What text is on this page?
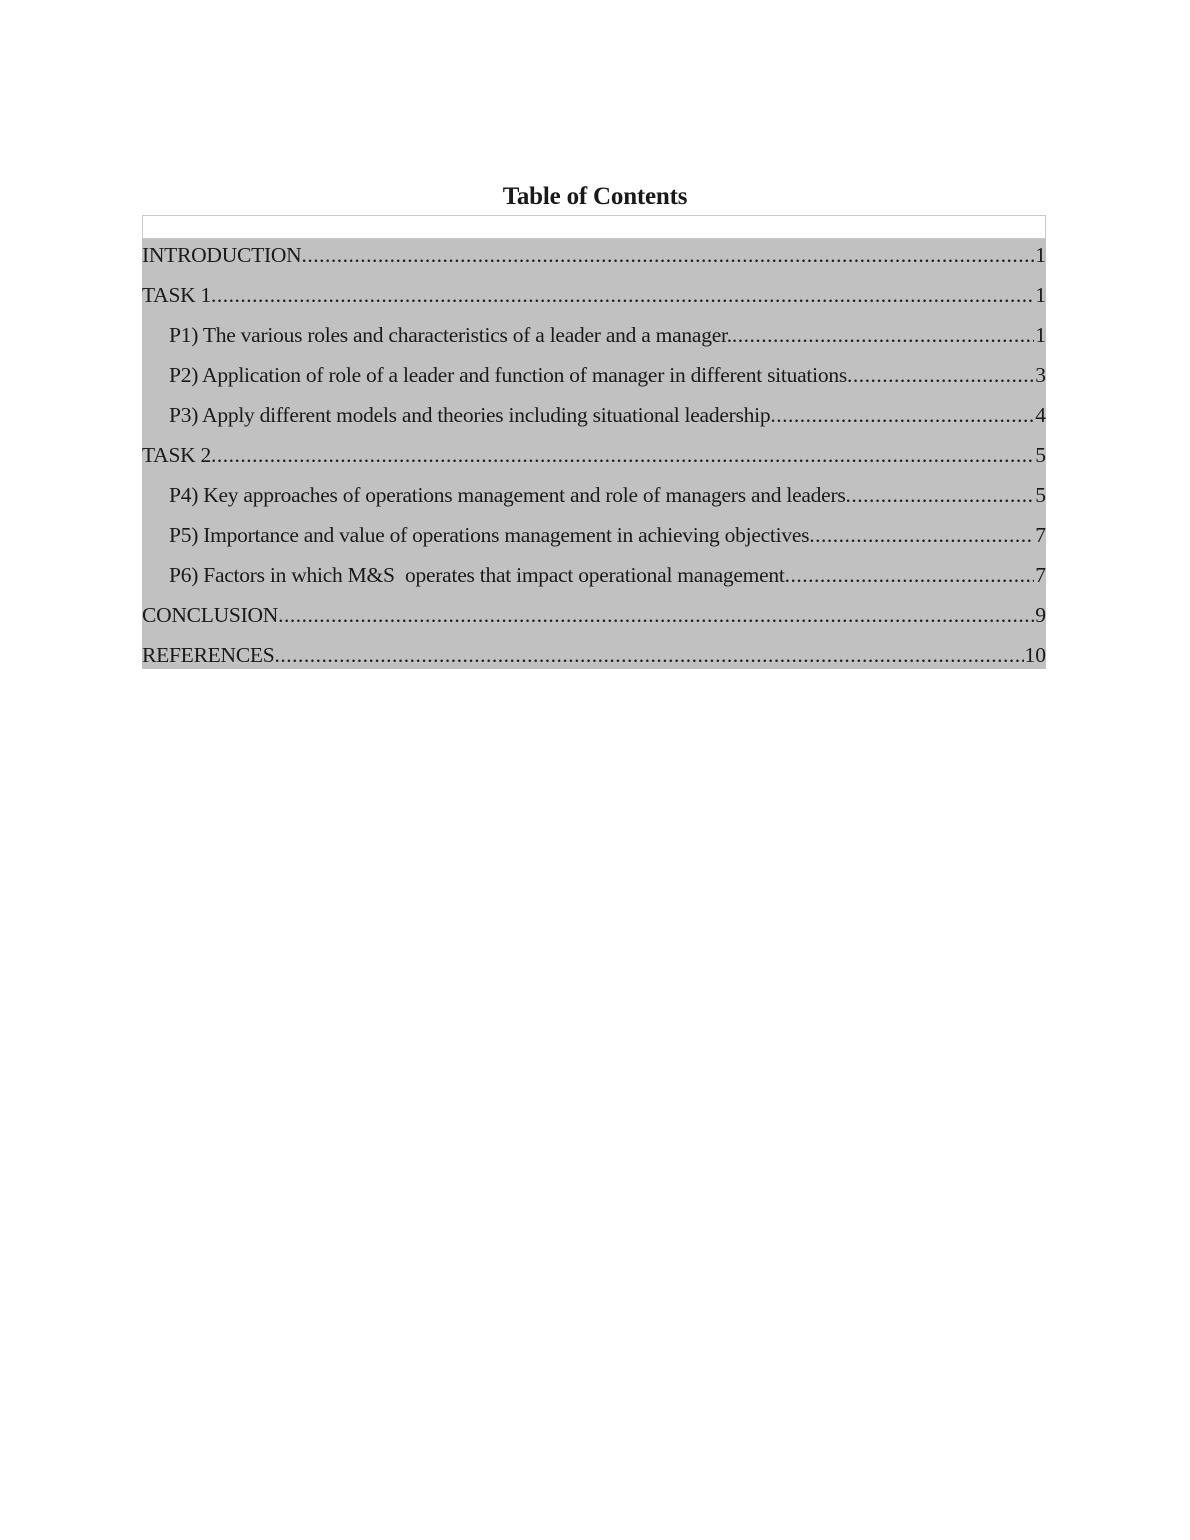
Table of Contents
INTRODUCTION .....	1
TASK 1 .....	1
P1) The various roles and characteristics of a leader and a manager. .....	1
P2) Application of role of a leader and function of manager in different situations .....	3
P3) Apply different models and theories including situational leadership .....	4
TASK 2 .....	5
P4) Key approaches of operations management and role of managers and leaders .....	5
P5) Importance and value of operations management in achieving objectives .....	7
P6) Factors in which M&S  operates that impact operational management .....	7
CONCLUSION .....	9
REFERENCES .....	10
